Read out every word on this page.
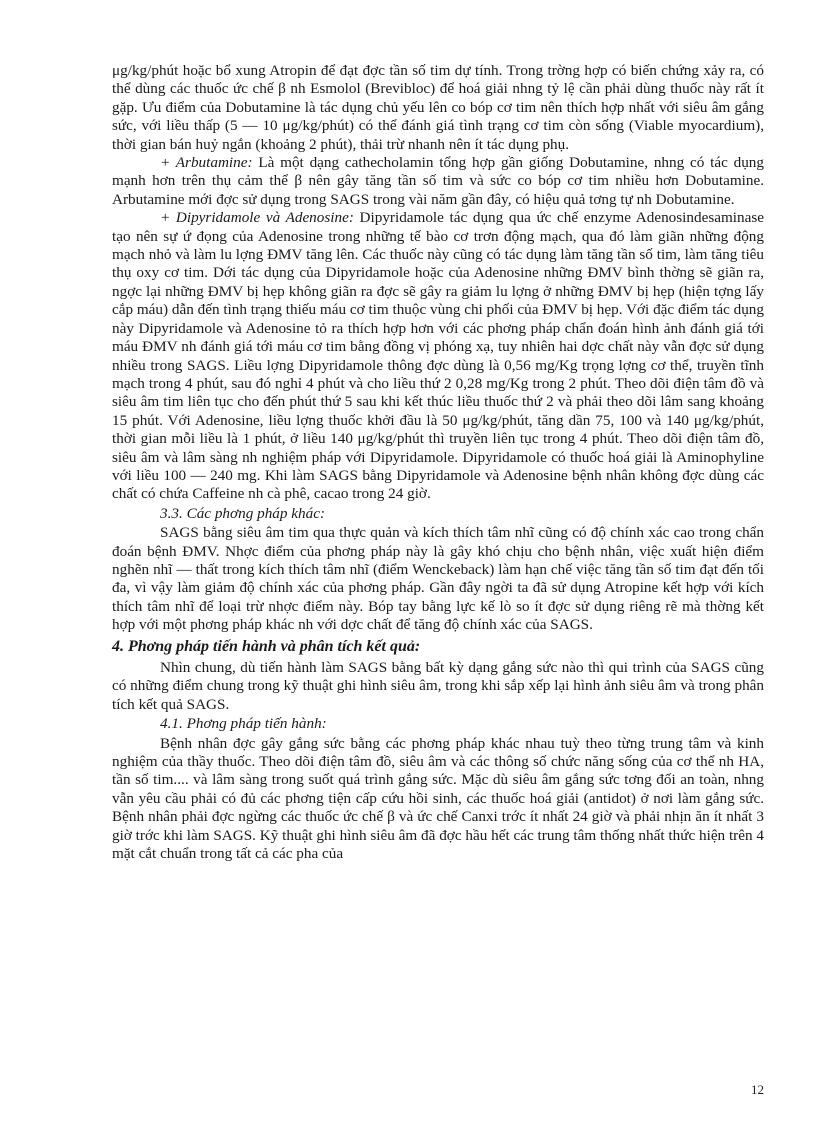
μg/kg/phút hoặc bổ xung Atropin để đạt đợc tần số tim dự tính. Trong trờng hợp có biến chứng xảy ra, có thể dùng các thuốc ức chế β nh Esmolol (Brevibloc) để hoá giải nhng tỷ lệ cần phải dùng thuốc này rất ít gặp. Ưu điểm của Dobutamine là tác dụng chủ yếu lên co bóp cơ tim nên thích hợp nhất với siêu âm gắng sức, với liều thấp (5 — 10 μg/kg/phút) có thể đánh giá tình trạng cơ tim còn sống (Viable myocardium), thời gian bán huỷ ngắn (khoảng 2 phút), thải trừ nhanh nên ít tác dụng phụ.

+ Arbutamine: Là một dạng cathecholamin tổng hợp gần giống Dobutamine, nhng có tác dụng mạnh hơn trên thụ cảm thể β nên gây tăng tần số tim và sức co bóp cơ tim nhiều hơn Dobutamine. Arbutamine mới đợc sử dụng trong SAGS trong vài năm gần đây, có hiệu quả tơng tự nh Dobutamine.

+ Dipyridamole và Adenosine: Dipyridamole tác dụng qua ức chế enzyme Adenosindesaminase tạo nên sự ứ đọng của Adenosine trong những tế bào cơ trơn động mạch, qua đó làm giãn những động mạch nhỏ và làm lu lợng ĐMV tăng lên. Các thuốc này cũng có tác dụng làm tăng tần số tim, làm tăng tiêu thụ oxy cơ tim. Dới tác dụng của Dipyridamole hoặc của Adenosine những ĐMV bình thờng sẽ giãn ra, ngợc lại những ĐMV bị hẹp không giãn ra đợc sẽ gây ra giảm lu lợng ở những ĐMV bị hẹp (hiện tợng lấy cắp máu) dẫn đến tình trạng thiếu máu cơ tim thuộc vùng chi phối của ĐMV bị hẹp. Với đặc điểm tác dụng này Dipyridamole và Adenosine tỏ ra thích hợp hơn với các phơng pháp chẩn đoán hình ảnh đánh giá tới máu ĐMV nh đánh giá tới máu cơ tim bằng đồng vị phóng xạ, tuy nhiên hai dợc chất này vẫn đợc sử dụng nhiều trong SAGS. Liều lợng Dipyridamole thông đợc dùng là 0,56 mg/Kg trọng lợng cơ thể, truyền tĩnh mạch trong 4 phút, sau đó nghỉ 4 phút và cho liều thứ 2 0,28 mg/Kg trong 2 phút. Theo dõi điện tâm đồ và siêu âm tim liên tục cho đến phút thứ 5 sau khi kết thúc liều thuốc thứ 2 và phải theo dõi lâm sang khoảng 15 phút. Với Adenosine, liều lợng thuốc khởi đầu là 50 μg/kg/phút, tăng dần 75, 100 và 140 μg/kg/phút, thời gian mỗi liều là 1 phút, ở liều 140 μg/kg/phút thì truyền liên tục trong 4 phút. Theo dõi điện tâm đồ, siêu âm và lâm sàng nh nghiệm pháp với Dipyridamole. Dipyridamole có thuốc hoá giải là Aminophyline với liều 100 — 240 mg. Khi làm SAGS bằng Dipyridamole và Adenosine bệnh nhân không đợc dùng các chất có chứa Caffeine nh cà phê, cacao trong 24 giờ.

3.3. Các phơng pháp khác:

SAGS bằng siêu âm tim qua thực quản và kích thích tâm nhĩ cũng có độ chính xác cao trong chẩn đoán bệnh ĐMV. Nhợc điểm của phơng pháp này là gây khó chịu cho bệnh nhân, việc xuất hiện điểm nghẽn nhĩ — thất trong kích thích tâm nhĩ (điểm Wenckeback) làm hạn chế việc tăng tần số tim đạt đến tối đa, vì vậy làm giảm độ chính xác của phơng pháp. Gần đây ngời ta đã sử dụng Atropine kết hợp với kích thích tâm nhĩ để loại trừ nhợc điểm này. Bóp tay bằng lực kế lò so ít đợc sử dụng riêng rẽ mà thờng kết hợp với một phơng pháp khác nh với dợc chất để tăng độ chính xác của SAGS.

4. Phơng pháp tiến hành và phân tích kết quả:

Nhìn chung, dù tiến hành làm SAGS bằng bất kỳ dạng gắng sức nào thì qui trình của SAGS cũng có những điểm chung trong kỹ thuật ghi hình siêu âm, trong khi sắp xếp lại hình ảnh siêu âm và trong phân tích kết quả SAGS.

4.1. Phơng pháp tiến hành:

Bệnh nhân đợc gây gắng sức bằng các phơng pháp khác nhau tuỳ theo từng trung tâm và kinh nghiệm của thầy thuốc. Theo dõi điện tâm đồ, siêu âm và các thông số chức năng sống của cơ thể nh HA, tần số tim.... và lâm sàng trong suốt quá trình gắng sức. Mặc dù siêu âm gắng sức tơng đối an toàn, nhng vẫn yêu cầu phải có đủ các phơng tiện cấp cứu hồi sinh, các thuốc hoá giải (antidot) ở nơi làm gắng sức. Bệnh nhân phải đợc ngừng các thuốc ức chế β và ức chế Canxi trớc ít nhất 24 giờ và phải nhịn ăn ít nhất 3 giờ trớc khi làm SAGS. Kỹ thuật ghi hình siêu âm đã đợc hầu hết các trung tâm thống nhất thức hiện trên 4 mặt cắt chuẩn trong tất cả các pha của

12
